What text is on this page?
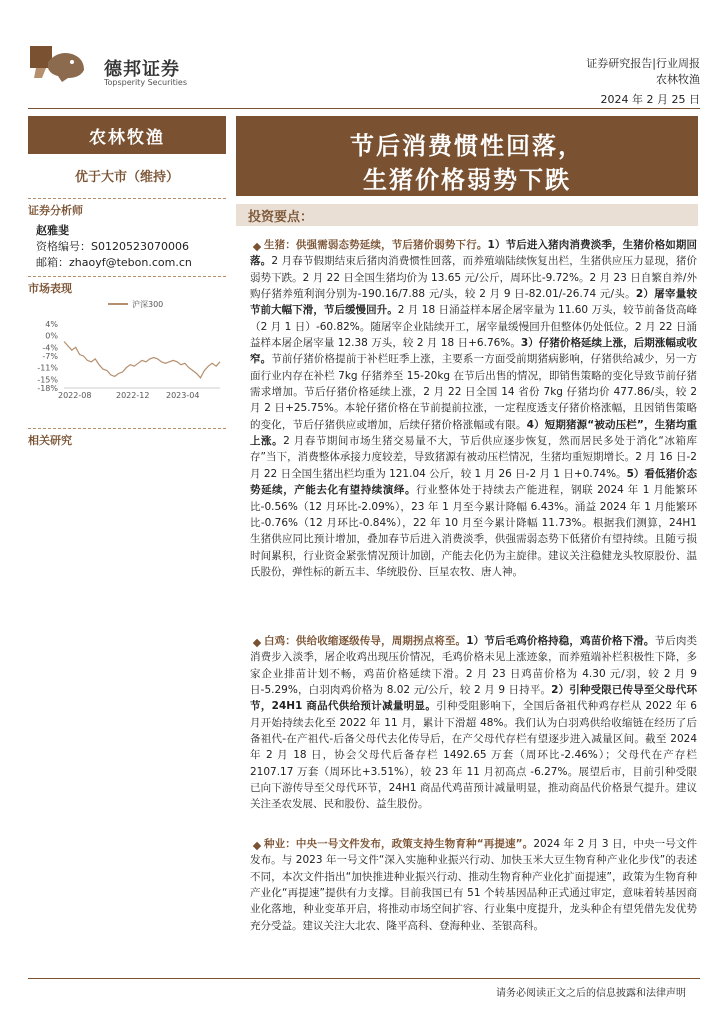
德邦证券
Topsperity Securities
证券研究报告|行业周报
农林牧渔
2024 年 2 月 25 日
农林牧渔
优于大市（维持）
证券分析师
赵雅斐
资格编号：S0120523070006
邮箱：zhaoyf@tebon.com.cn
市场表现
沪深300
4%
0%
-4%
-7%
-11%
-15%
-18%
2022-08	2022-12 2023-04
相关研究
节后消费惯性回落，
生猪价格弱势下跌
投资要点：
生猪：供强需弱态势延续，节后猪价弱势下行。1）节后进入猪肉消费淡季，生猪价格如期回落。2 月春节假期结束后猪肉消费惯性回落，而养殖端陆续恢复出栏，生猪供应压力显现，猪价弱势下跌。2 月 22 日全国生猪均价为 13.65 元/公斤，周环比-9.72%。2 月 23 日自繁自养/外购仔猪养殖利润分别为-190.16/7.88 元/头，较 2 月 9 日-82.01/-26.74 元/头。2）屠宰量较节前大幅下滑，节后缓慢回升。2 月 18 日涌益样本屠企屠宰量为 11.60 万头，较节前备货高峰（2 月 1 日）-60.82%。随屠宰企业陆续开工，屠宰量缓慢回升但整体仍处低位。2 月 22 日涌益样本屠企屠宰量 12.38 万头，较 2 月 18 日+6.76%。3）仔猪价格延续上涨，后期涨幅或收窄。节前仔猪价格提前于补栏旺季上涨，主要系一方面受前期猪病影响，仔猪供给减少，另一方面行业内存在补栏 7kg 仔猪养至 15-20kg 在节后出售的情况，即销售策略的变化导致节前仔猪需求增加。节后仔猪价格延续上涨，2 月 22 日全国 14 省份 7kg 仔猪均价 477.86/头，较 2 月 2 日+25.75%。本轮仔猪价格在节前提前拉涨，一定程度透支仔猪价格涨幅，且因销售策略的变化，节后仔猪供应或增加，后续仔猪价格涨幅或有限。4）短期猪源“被动压栏”，生猪均重上涨。2 月春节期间市场生猪交易量不大，节后供应逐步恢复，然而居民多处于消化“冰箱库存”当下，消费整体承接力度较差，导致猪源有被动压栏情况，生猪均重短期增长。2 月 16 日-2 月 22 日全国生猪出栏均重为 121.04 公斤，较 1 月 26 日-2 月 1 日+0.74%。5）看低猪价态势延续，产能去化有望持续演绎。行业整体处于持续去产能进程，钢联 2024 年 1 月能繁环比-0.56%（12 月环比-2.09%），23 年 1 月至今累计降幅 6.43%。涌益 2024 年 1 月能繁环比-0.76%（12 月环比-0.84%），22 年 10 月至今累计降幅 11.73%。根据我们测算，24H1 生猪供应同比预计增加，叠加春节后进入消费淡季，供强需弱态势下低猪价有望持续。且随亏损时间累积，行业资金紧张情况预计加剧，产能去化仍为主旋律。建议关注稳健龙头牧原股份、温氏股份，弹性标的新五丰、华统股份、巨星农牧、唐人神。
白鸡：供给收缩逐级传导，周期拐点将至。1）节后毛鸡价格持稳，鸡苗价格下滑。节后肉类消费步入淡季，屠企收鸡出现压价情况，毛鸡价格未见上涨迹象，而养殖端补栏积极性下降，多家企业排苗计划不畅，鸡苗价格延续下滑。2 月 23 日鸡苗价格为 4.30 元/羽，较 2 月 9 日-5.29%，白羽肉鸡价格为 8.02 元/公斤，较 2 月 9 日持平。2）引种受限已传导至父母代环节，24H1 商品代供给预计减量明显。引种受阻影响下，全国后备祖代种鸡存栏从 2022 年 6 月开始持续去化至 2022 年 11 月，累计下滑超 48%。我们认为白羽鸡供给收缩链在经历了后备祖代-在产祖代-后备父母代去化传导后，在产父母代存栏有望逐步进入减量区间。截至 2024 年 2 月 18 日，协会父母代后备存栏 1492.65 万套（周环比-2.46%）；父母代在产存栏 2107.17 万套（周环比+3.51%），较 23 年 11 月初高点 -6.27%。展望后市，目前引种受限已向下游传导至父母代环节，24H1 商品代鸡苗预计减量明显，推动商品代价格景气提升。建议关注圣农发展、民和股份、益生股份。
种业：中央一号文件发布，政策支持生物育种“再提速”。2024 年 2 月 3 日，中央一号文件发布。与 2023 年一号文件“深入实施种业振兴行动、加快玉米大豆生物育种产业化步伐”的表述不同，本次文件指出“加快推进种业振兴行动、推动生物育种产业化扩面提速”，政策为生物育种产业化“再提速”提供有力支撑。目前我国已有 51 个转基因品种正式通过审定，意味着转基因商业化落地，种业变革开启，将推动市场空间扩容、行业集中度提升，龙头种企有望凭借先发优势充分受益。建议关注大北农、隆平高科、登海种业、荃银高科。
请务必阅读正文之后的信息披露和法律声明
